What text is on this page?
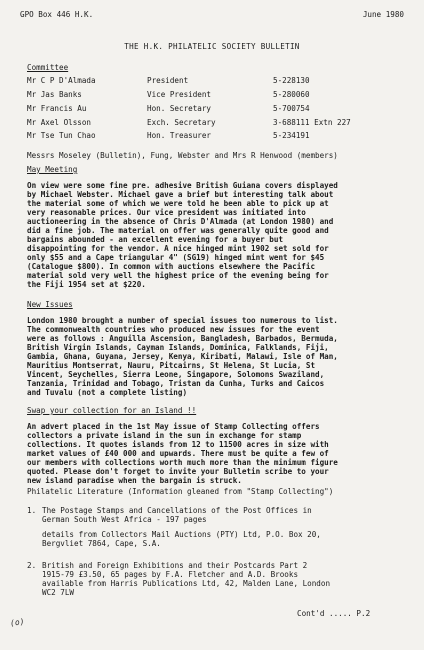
GPO Box 446 H.K.	June 1980
THE H.K. PHILATELIC SOCIETY BULLETIN
Committee
Mr C P D'Almada	President	5-228130
Mr Jas Banks	Vice President	5-280060
Mr Francis Au	Hon. Secretary	5-700754
Mr Axel Olsson	Exch. Secretary	3-688111 Extn 227
Mr Tse Tun Chao	Hon. Treasurer	5-234191
Messrs Moseley (Bulletin), Fung, Webster and Mrs R Henwood (members)
May Meeting

On view were some fine pre. adhesive British Guiana covers displayed

by Michael Webster. Michael gave a brief but interesting talk about

the material some of which we were told he been able to pick up at

very reasonable prices. Our vice president was initiated into

auctioneering in the absence of Chris D'Almada (at London 1980) and

did a fine job. The material on offer was generally quite good and

bargains abounded - an excellent evening for a buyer but

disappointing for the vendor. A nice hinged mint 1902 set sold for

only $55 and a Cape triangular 4" (SG19) hinged mint went for $45

(Catalogue $800). In common with auctions elsewhere the Pacific

material sold very well the highest price of the evening being for

the Fiji 1954 set at $220.

New Issues

London 1980 brought a number of special issues too numerous to list.

The commonwealth countries who produced new issues for the event

were as follows : Anguilla Ascension, Bangladesh, Barbados, Bermuda,

British Virgin Islands, Cayman Islands, Dominica, Falklands, Fiji,

Gambia, Ghana, Guyana, Jersey, Kenya, Kiribati, Malawi, Isle of Man,

Mauritius Montserrat, Nauru, Pitcairns, St Helena, St Lucia, St

Vincent, Seychelles, Sierra Leone, Singapore, Solomons Swaziland,

Tanzania, Trinidad and Tobago, Tristan da Cunha, Turks and Caicos

and Tuvalu (not a complete listing)

Swap your collection for an Island !!

An advert placed in the 1st May issue of Stamp Collecting offers

collectors a private island in the sun in exchange for stamp

collections. It quotes islands from 12 to 11500 acres in size with

market values of £40 000 and upwards. There must be quite a few of

our members with collections worth much more than the minimum figure

quoted. Please don't forget to invite your Bulletin scribe to your

new island paradise when the bargain is struck.

Philatelic Literature (Information gleaned from "Stamp Collecting")
1. The Postage Stamps and Cancellations of the Post Offices in
German South West Africa - 197 pages
details from Collectors Mail Auctions (PTY) Ltd, P.O. Box 20,
Bergvliet 7864, Cape, S.A.
2. British and Foreign Exhibitions and their Postcards Part 2
1915-79 £3.50, 65 pages by F.A. Fletcher and A.D. Brooks
available from Harris Publications Ltd, 42, Malden Lane, London
WC2 7LW
Cont'd ..... P.2
(o)
